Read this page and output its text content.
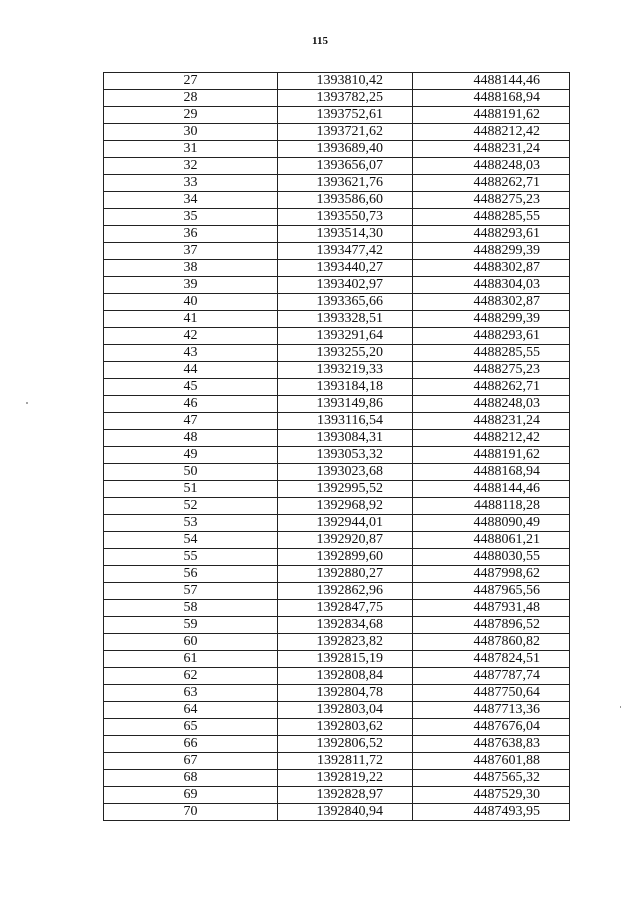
115
27	1393810,42	4488144,46
28	1393782,25	4488168,94
29	1393752,61	4488191,62
30	1393721,62	4488212,42
31	1393689,40	4488231,24
32	1393656,07	4488248,03
33	1393621,76	4488262,71
34	1393586,60	4488275,23
35	1393550,73	4488285,55
36	1393514,30	4488293,61
37	1393477,42	4488299,39
38	1393440,27	4488302,87
39	1393402,97	4488304,03
40	1393365,66	4488302,87
41	1393328,51	4488299,39
42	1393291,64	4488293,61
43	1393255,20	4488285,55
44	1393219,33	4488275,23
45	1393184,18	4488262,71
46	1393149,86	4488248,03
47	1393116,54	4488231,24
48	1393084,31	4488212,42
49	1393053,32	4488191,62
50	1393023,68	4488168,94
51	1392995,52	4488144,46
52	1392968,92	4488118,28
53	1392944,01	4488090,49
54	1392920,87	4488061,21
55	1392899,60	4488030,55
56	1392880,27	4487998,62
57	1392862,96	4487965,56
58	1392847,75	4487931,48
59	1392834,68	4487896,52
60	1392823,82	4487860,82
61	1392815,19	4487824,51
62	1392808,84	4487787,74
63	1392804,78	4487750,64
64	1392803,04	4487713,36
65	1392803,62	4487676,04
66	1392806,52	4487638,83
67	1392811,72	4487601,88
68	1392819,22	4487565,32
69	1392828,97	4487529,30
70	1392840,94	4487493,95
